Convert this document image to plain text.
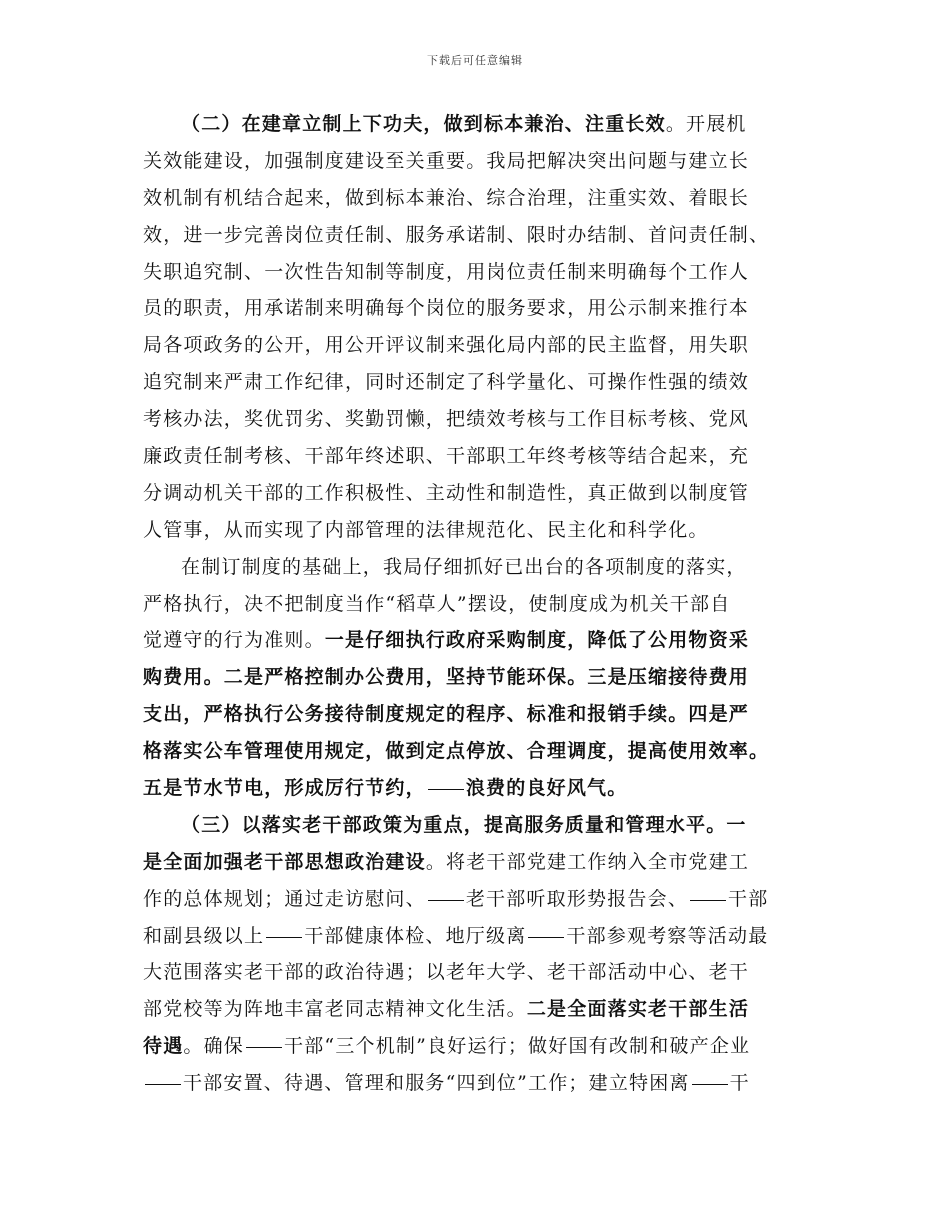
下载后可任意编辑
（二）在建章立制上下功夫，做到标本兼治、注重长效。开展机
关效能建设，加强制度建设至关重要。我局把解决突出问题与建立长
效机制有机结合起来，做到标本兼治、综合治理，注重实效、着眼长
效，进一步完善岗位责任制、服务承诺制、限时办结制、首问责任制、
失职追究制、一次性告知制等制度，用岗位责任制来明确每个工作人
员的职责，用承诺制来明确每个岗位的服务要求，用公示制来推行本
局各项政务的公开，用公开评议制来强化局内部的民主监督，用失职
追究制来严肃工作纪律，同时还制定了科学量化、可操作性强的绩效
考核办法，奖优罚劣、奖勤罚懒，把绩效考核与工作目标考核、党风
廉政责任制考核、干部年终述职、干部职工年终考核等结合起来，充
分调动机关干部的工作积极性、主动性和制造性，真正做到以制度管
人管事，从而实现了内部管理的法律规范化、民主化和科学化。
在制订制度的基础上，我局仔细抓好已出台的各项制度的落实，
严格执行，决不把制度当作“稻草人”摆设，使制度成为机关干部自
觉遵守的行为准则。一是仔细执行政府采购制度，降低了公用物资采
购费用。二是严格控制办公费用，坚持节能环保。三是压缩接待费用
支出，严格执行公务接待制度规定的程序、标准和报销手续。四是严
格落实公车管理使用规定，做到定点停放、合理调度，提高使用效率。
五是节水节电，形成厉行节约， 浪费的良好风气。
（三）以落实老干部政策为重点，提高服务质量和管理水平。一
是全面加强老干部思想政治建设。将老干部党建工作纳入全市党建工
作的总体规划；通过走访慰问、 老干部听取形势报告会、 干部
和副县级以上 干部健康体检、地厅级离 干部参观考察等活动最
大范围落实老干部的政治待遇；以老年大学、老干部活动中心、老干
部党校等为阵地丰富老同志精神文化生活。二是全面落实老干部生活
待遇。确保 干部“三个机制”良好运行；做好国有改制和破产企业
干部安置、待遇、管理和服务“四到位”工作；建立特困离 干
